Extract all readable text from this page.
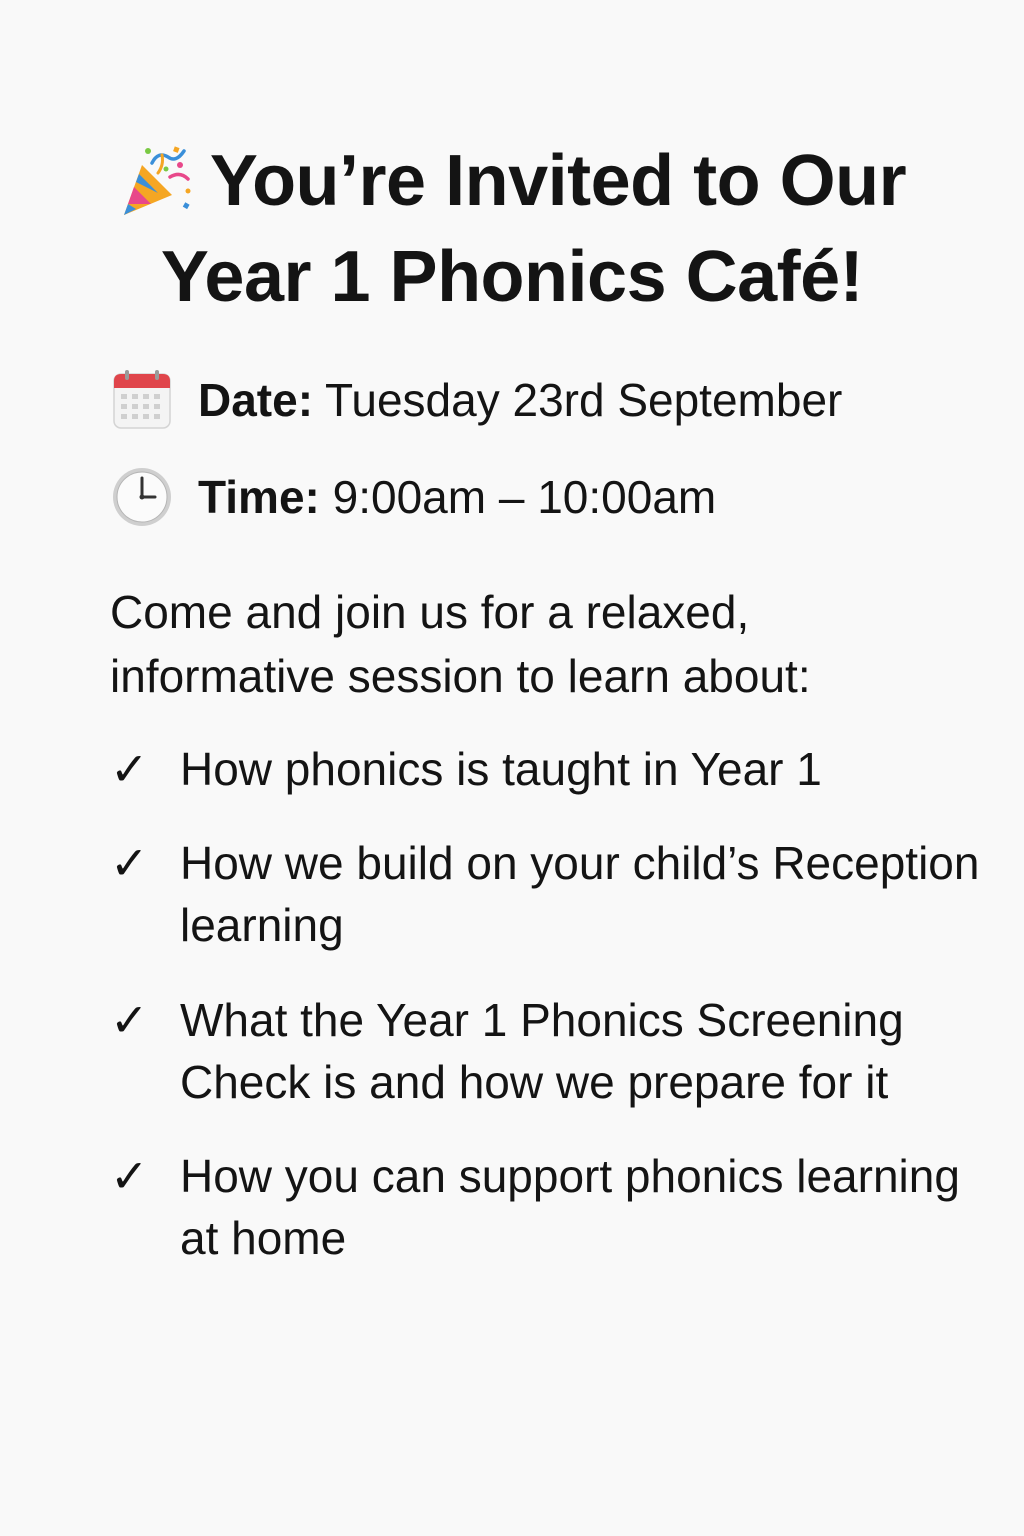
You’re Invited to Our
Year 1 Phonics Café!
Date: Tuesday 23rd September
Time: 9:00am – 10:00am

Come and join us for a relaxed, informative session to learn about:

✓ How phonics is taught in Year 1
✓ How we build on your child’s Reception learning
✓ What the Year 1 Phonics Screening Check is and how we prepare for it
✓ How you can support phonics learning at home
